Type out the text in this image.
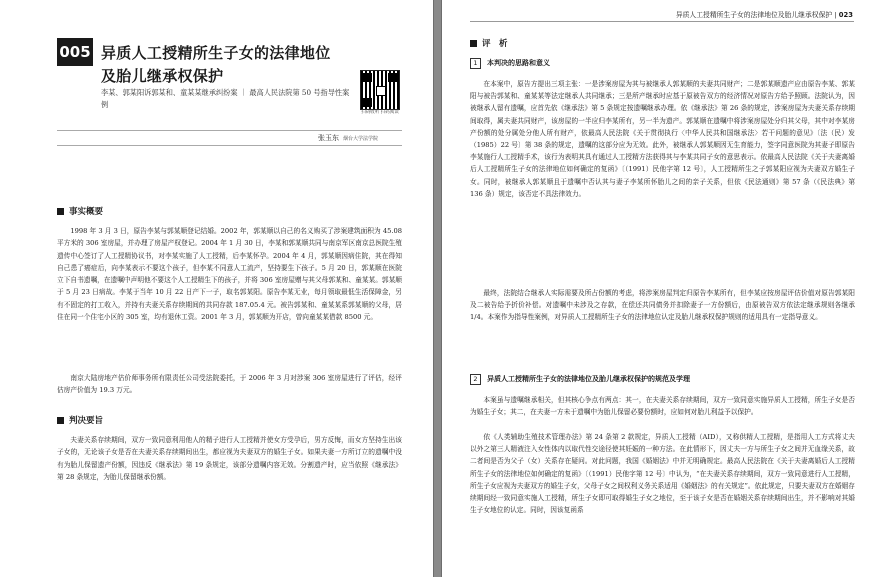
005 异质人工授精所生子女的法律地位
及胎儿继承权保护
李某、郭某阳诉郭某和、童某某继承纠纷案 ｜ 最高人民法院第 50 号指导性案例
扫码收听 扫码阅读
张玉东 烟台大学法学院
事实概要

1998 年 3 月 3 日，原告李某与郭某顺登记结婚。2002 年，郭某顺以自己的名义购买了涉案建筑面积为 45.08 平方米的 306 室房屋，并办理了房屋产权登记。2004 年 1 月 30 日，李某和郭某顺共同与南京军区南京总医院生殖遗传中心签订了人工授精协议书，对李某实施了人工授精，后李某怀孕。2004 年 4 月，郭某顺因病住院，其在得知自己患了癌症后，向李某表示不要这个孩子，但李某不同意人工流产，坚持要生下孩子。5 月 20 日，郭某顺在医院立下自书遗嘱，在遗嘱中声明他不要这个人工授精生下的孩子，并将 306 室房屋赠与其父母郭某和、童某某。郭某顺于 5 月 23 日病故。李某于当年 10 月 22 日产下一子，取名郭某阳。原告李某无业，每月领取最低生活保障金，另有不固定的打工收入，并持有夫妻关系存续期间的共同存款 187.05.4 元。被告郭某和、童某某系郭某顺的父母，居住在同一个住宅小区的 305 室，均有退休工资。2001 年 3 月，郭某顺为开店，曾向童某某借款 8500 元。

南京大陆房地产估价师事务所有限责任公司受法院委托，于 2006 年 3 月对涉案 306 室房屋进行了评估，经评估房产价值为 19.3 万元。

判决要旨

夫妻关系存续期间，双方一致同意利用他人的精子进行人工授精并使女方受孕后，男方反悔，而女方坚持生出该子女的，无论该子女是否在夫妻关系存续期间出生，都应视为夫妻双方的婚生子女。如果夫妻一方所订立的遗嘱中没有为胎儿保留遗产份额，因违反《继承法》第 19 条规定，该部分遗嘱内容无效。分割遗产时，应当依照《继承法》第 28 条规定，为胎儿保留继承份额。

异质人工授精所生子女的法律地位及胎儿继承权保护 | 023
评　析
1 本判决的思路和意义

在本案中，原告方提出三项主张：一是涉案房屋为其与被继承人郭某顺的夫妻共同财产；二是郭某顺遗产应由原告李某、郭某阳与被告郭某和、童某某等法定继承人共同继承；三是所产继承时应基于原被告双方的经济情况对原告方给予照顾。法院认为，因被继承人留有遗嘱，应首先依《继承法》第 5 条规定按遗嘱继承办理。依《继承法》第 26 条的规定，涉案房屋为夫妻关系存续期间取得，属夫妻共同财产，该房屋的一半应归李某所有，另一半为遗产。郭某顺在遗嘱中将涉案房屋处分归其父母，其中对李某房产份额的处分属处分他人所有财产，依最高人民法院《关于贯彻执行〈中华人民共和国继承法〉若干问题的意见》〔法（民）发（1985）22 号〕第 38 条的规定，遗嘱的这部分应为无效。此外，被继承人郭某顺因无生育能力，签字同意医院为其妻子即原告李某施行人工授精手术，该行为表明其具有通过人工授精方法获得其与李某共同子女的意思表示。依最高人民法院《关于夫妻离婚后人工授精所生子女的法律地位如何确定的复函》〔（1991）民他字第 12 号〕，人工授精所生之子郭某阳应视为夫妻双方婚生子女。同时，被继承人郭某顺且于遗嘱中否认其与妻子李某所怀胎儿之间的亲子关系，但依《民法通则》第 57 条（《民法典》第 136 条）规定，该否定不具法律效力。

最终，法院结合继承人实际需要及所占份额的考虑，将涉案房屋判定归原告李某所有，但李某应按房屋评估价值对原告郭某阳及二被告给予折价补偿。对遗嘱中未涉及之存款，在偿还共同债务并扣除妻子一方份额后，由原被告双方依法定继承规则各继承 1/4。本案作为指导性案例，对异质人工授精所生子女的法律地位认定及胎儿继承权保护规则的适用具有一定指导意义。

2 异质人工授精所生子女的法律地位及胎儿继承权保护的规范及学理

本案虽与遗嘱继承相关，但其核心争点有两点：其一，在夫妻关系存续期间，双方一致同意实施异质人工授精，所生子女是否为婚生子女；其二，在夫妻一方未于遗嘱中为胎儿保留必要份额时，应如何对胎儿利益予以保护。

依《人类辅助生殖技术管理办法》第 24 条第 2 款规定，异质人工授精（AID），又称供精人工授精，是指用人工方式将丈夫以外之第三人精液注入女性体内以取代性交途径使其妊娠的一种方法。在此情形下，因丈夫一方与所生子女之间并无血缘关系，故二者间是否为父子（女）关系存在疑问。对此问题，我国《婚姻法》中并无明确规定。最高人民法院在《关于夫妻离婚后人工授精所生子女的法律地位如何确定的复函》〔（1991）民他字第 12 号〕中认为，“在夫妻关系存续期间，双方一致同意进行人工授精，所生子女应视为夫妻双方的婚生子女，父母子女之间权利义务关系适用《婚姻法》的有关规定”。依此规定，只要夫妻双方在婚姻存续期间经一致同意实施人工授精，所生子女即可取得婚生子女之地位，至于该子女是否在婚姻关系存续期间出生，并不影响对其婚生子女地位的认定。同时，因该复函系
